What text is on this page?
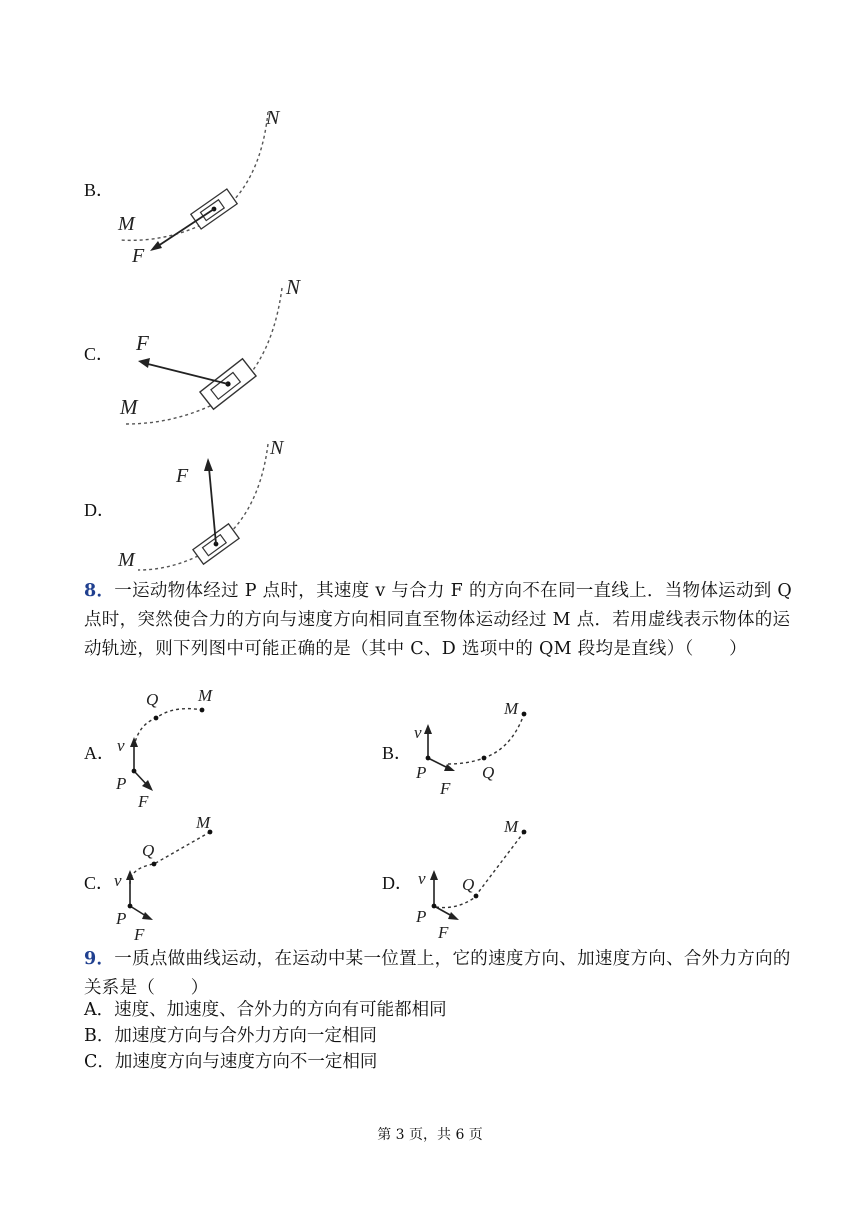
B．
N
M
F
C．
N
M
F
D．
N
M
F
8．一运动物体经过 P 点时，其速度 v 与合力 F 的方向不在同一直线上．当物体运动到 Q 点时，突然使合力的方向与速度方向相同直至物体运动经过 M 点．若用虚线表示物体的运动轨迹，则下列图中可能正确的是（其中 C、D 选项中的 QM 段均是直线）（　　）
A．
Q M
v
P
F
B．
Q
M
v
P
F
C．
Q
M
v
P
F
D．	Q
M
v
P
F
9．一质点做曲线运动，在运动中某一位置上，它的速度方向、加速度方向、合外力方向的关系是（　　）
A．速度、加速度、合外力的方向有可能都相同
B．加速度方向与合外力方向一定相同
C．加速度方向与速度方向不一定相同
第 3 页，共 6 页
